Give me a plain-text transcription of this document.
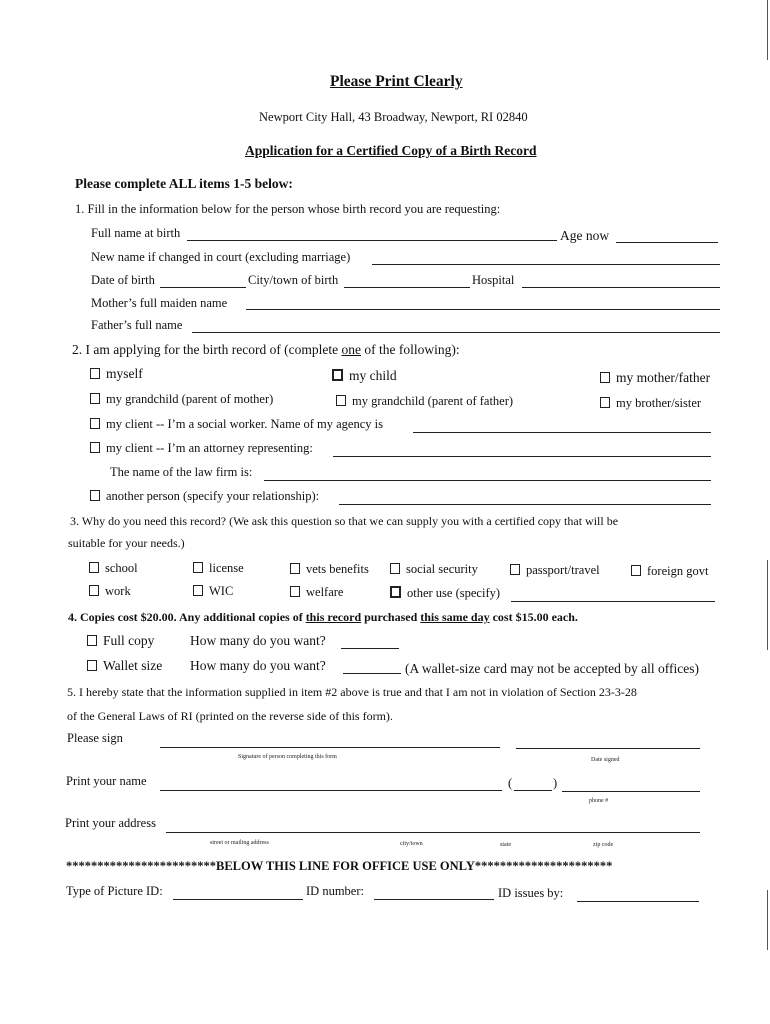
Please Print Clearly
Newport City Hall, 43 Broadway, Newport, RI 02840
Application for a Certified Copy of a Birth Record
Please complete ALL items 1-5 below:
1. Fill in the information below for the person whose birth record you are requesting:
Full name at birth	Age now
New name if changed in court (excluding marriage)
Date of birth	City/town of birth	Hospital
Mother’s full maiden name
Father’s full name
2. I am applying for the birth record of (complete one of the following):
myself	my child	my mother/father
my grandchild (parent of mother)	my grandchild (parent of father)	my brother/sister
my client -- I’m a social worker. Name of my agency is
my client -- I’m an attorney representing:
The name of the law firm is:
another person (specify your relationship):
3. Why do you need this record? (We ask this question so that we can supply you with a certified copy that will be
suitable for your needs.)
school	license	vets benefits	social security	passport/travel	foreign govt
work	WIC	welfare	other use (specify)
4. Copies cost $20.00. Any additional copies of this record purchased this same day cost $15.00 each.
Full copy	How many do you want?
Wallet size How many do you want?	(A wallet-size card may not be accepted by all offices)
5. I hereby state that the information supplied in item #2 above is true and that I am not in violation of Section 23-3-28
of the General Laws of RI (printed on the reverse side of this form).
Please sign
Signature of person completing this form	Date signed
Print your name	(	)
phone #
Print your address
street or mailing address	city/town	state	zip code
************************BELOW THIS LINE FOR OFFICE USE ONLY**********************
Type of Picture ID:	ID number:	ID issues by:
